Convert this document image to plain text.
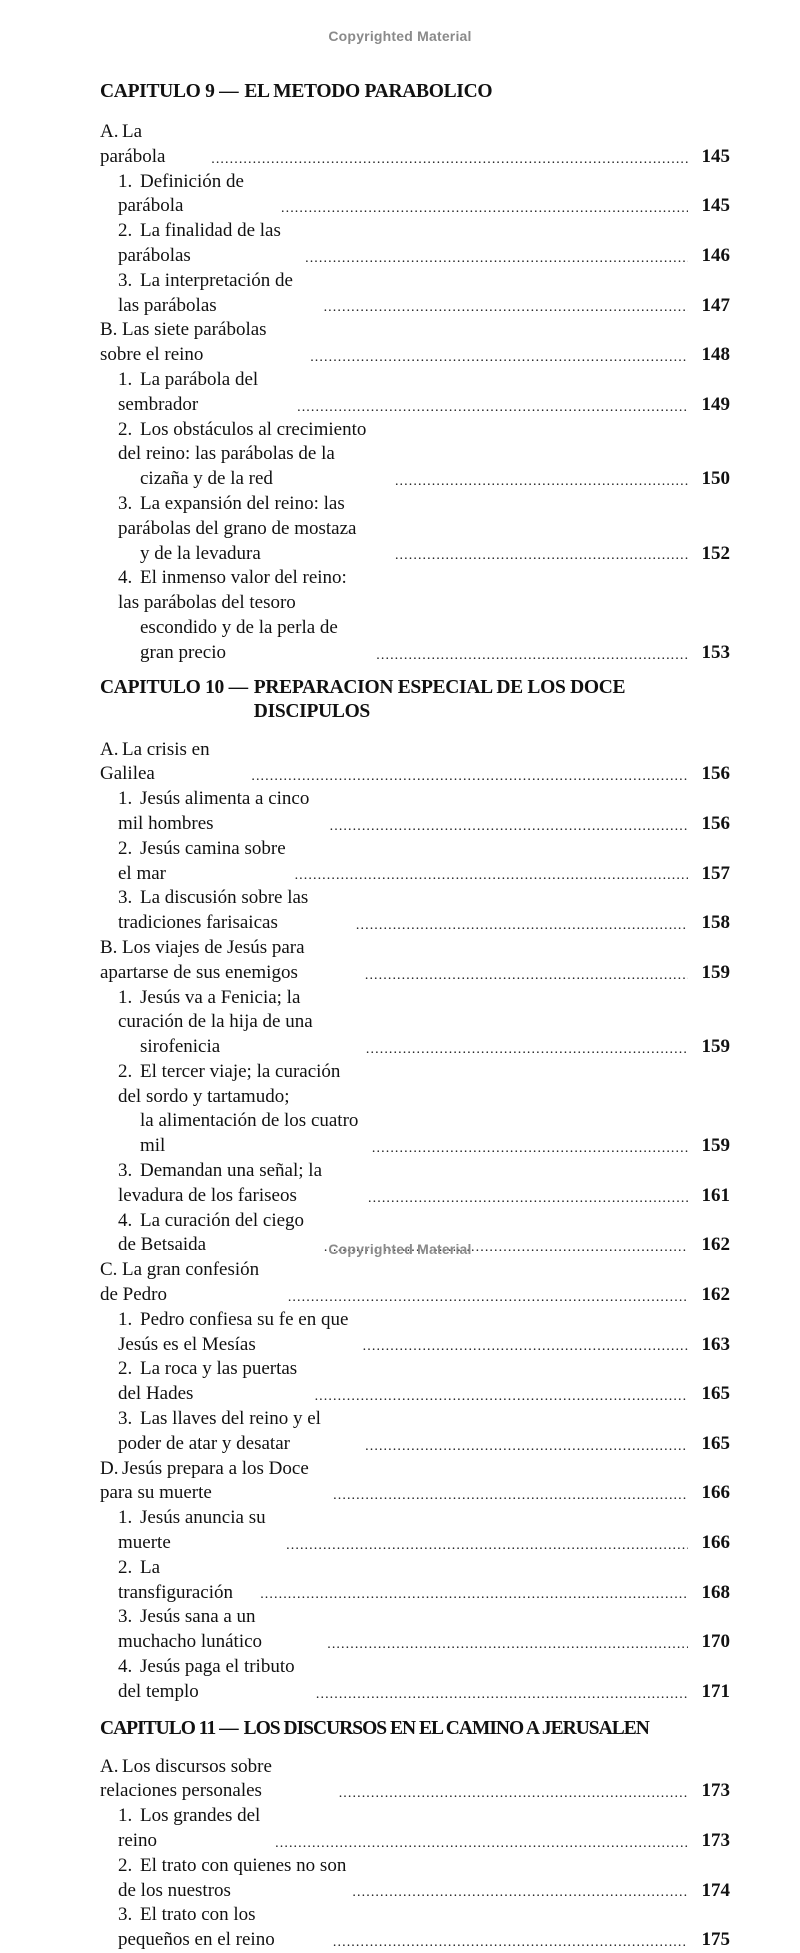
Copyrighted Material
CAPITULO 9 — EL METODO PARABOLICO
A. La parábola . . .	145
1. Definición de parábola . . .	145
2. La finalidad de las parábolas . . .	146
3. La interpretación de las parábolas . . .	147
B. Las siete parábolas sobre el reino . . .	148
1. La parábola del sembrador . . .	149
2. Los obstáculos al crecimiento del reino: las parábolas de la
cizaña y de la red . . .	150
3. La expansión del reino: las parábolas del grano de mostaza
y de la levadura . . .	152
4. El inmenso valor del reino: las parábolas del tesoro
escondido y de la perla de gran precio . . .	153
CAPITULO 10 — PREPARACION ESPECIAL DE LOS DOCE DISCIPULOS
A. La crisis en Galilea . . .	156
1. Jesús alimenta a cinco mil hombres . . .	156
2. Jesús camina sobre el mar . . .	157
3. La discusión sobre las tradiciones farisaicas . . .	158
B. Los viajes de Jesús para apartarse de sus enemigos . . .	159
1. Jesús va a Fenicia; la curación de la hija de una
sirofenicia . . .	159
2. El tercer viaje; la curación del sordo y tartamudo;
la alimentación de los cuatro mil . . .	159
3. Demandan una señal; la levadura de los fariseos . . .	161
4. La curación del ciego de Betsaida . . .	162
C. La gran confesión de Pedro . . .	162
1. Pedro confiesa su fe en que Jesús es el Mesías . . .	163
2. La roca y las puertas del Hades . . .	165
3. Las llaves del reino y el poder de atar y desatar . . .	165
D. Jesús prepara a los Doce para su muerte . . .	166
1. Jesús anuncia su muerte . . .	166
2. La transfiguración . . .	168
3. Jesús sana a un muchacho lunático . . .	170
4. Jesús paga el tributo del templo . . .	171
CAPITULO 11 — LOS DISCURSOS EN EL CAMINO A JERUSALEN
A. Los discursos sobre relaciones personales . . .	173
1. Los grandes del reino . . .	173
2. El trato con quienes no son de los nuestros . . .	174
3. El trato con los pequeños en el reino . . .	175
Copyrighted Material
